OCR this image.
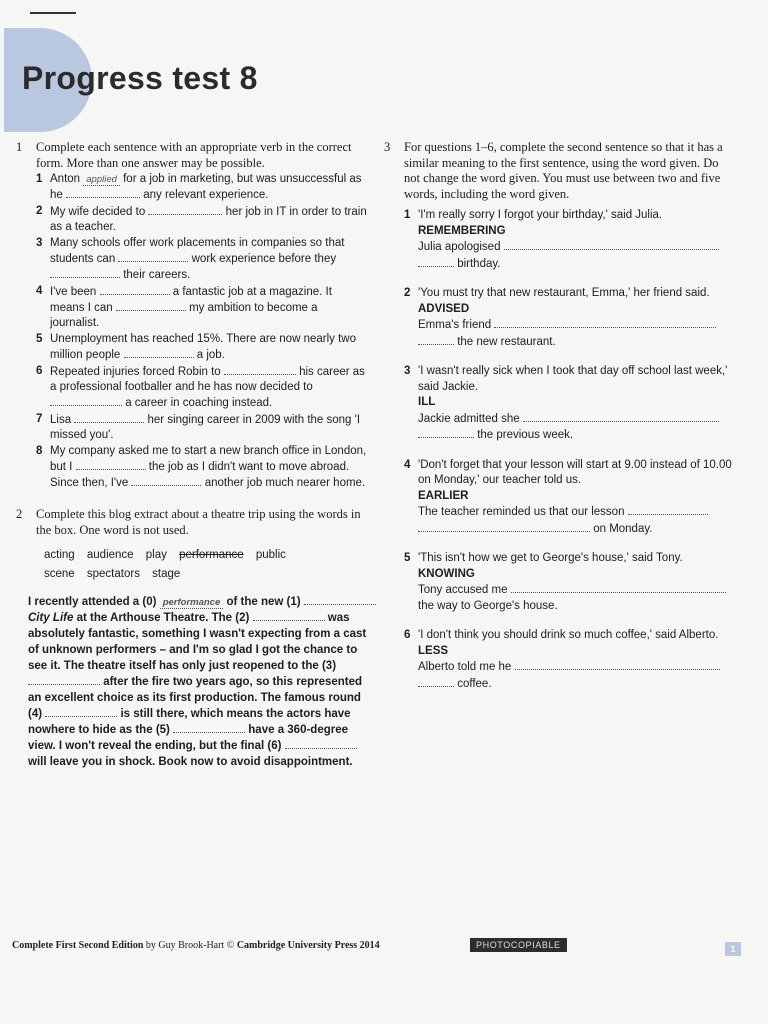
Progress test 8
1 Complete each sentence with an appropriate verb in the correct form. More than one answer may be possible.
1 Anton applied for a job in marketing, but was unsuccessful as he	any relevant experience.
2 My wife decided to	her job in IT in order to train as a teacher.
3 Many schools offer work placements in companies so that students can	work experience before they  their careers.
4 I've been	a fantastic job at a magazine. It means I can	my ambition to become a journalist.
5 Unemployment has reached 15%. There are now nearly two million people	a job.
6 Repeated injuries forced Robin to	his career as a professional footballer and he has now decided to  a career in coaching instead.
7 Lisa	her singing career in 2009 with the song 'I missed you'.
8 My company asked me to start a new branch office in London, but I	the job as I didn't want to move abroad. Since then, I've	another job much nearer home.
2 Complete this blog extract about a theatre trip using the words in the box. One word is not used.
acting audience play performance public
scene spectators stage
I recently attended a (0) performance of the new (1)  City Life at the Arthouse Theatre. The (2)	was absolutely fantastic, something I wasn't expecting from a cast of unknown performers – and I'm so glad I got the chance to see it. The theatre itself has only just reopened to the (3)  after the fire two years ago, so this represented an excellent choice as its first production. The famous round (4)	is still there, which means the actors have nowhere to hide as the (5)	have a 360-degree view. I won't reveal the ending, but the final (6)  will leave you in shock. Book now to avoid disappointment.
3 For questions 1–6, complete the second sentence so that it has a similar meaning to the first sentence, using the word given. Do not change the word given. You must use between two and five words, including the word given.
1 'I'm really sorry I forgot your birthday,' said Julia.
REMEMBERING
Julia apologised
birthday.
2 'You must try that new restaurant, Emma,' her friend said.
ADVISED
Emma's friend
the new restaurant.
3 'I wasn't really sick when I took that day off school last week,' said Jackie.
ILL
Jackie admitted she
the previous week.
4 'Don't forget that your lesson will start at 9.00 instead of 10.00 on Monday,' our teacher told us.
EARLIER
The teacher reminded us that our lesson
on Monday.
5 'This isn't how we get to George's house,' said Tony.
KNOWING
Tony accused me
the way to George's house.
6 'I don't think you should drink so much coffee,' said Alberto.
LESS
Alberto told me he
coffee.
Complete First Second Edition by Guy Brook-Hart © Cambridge University Press 2014	PHOTOCOPIABLE	1
